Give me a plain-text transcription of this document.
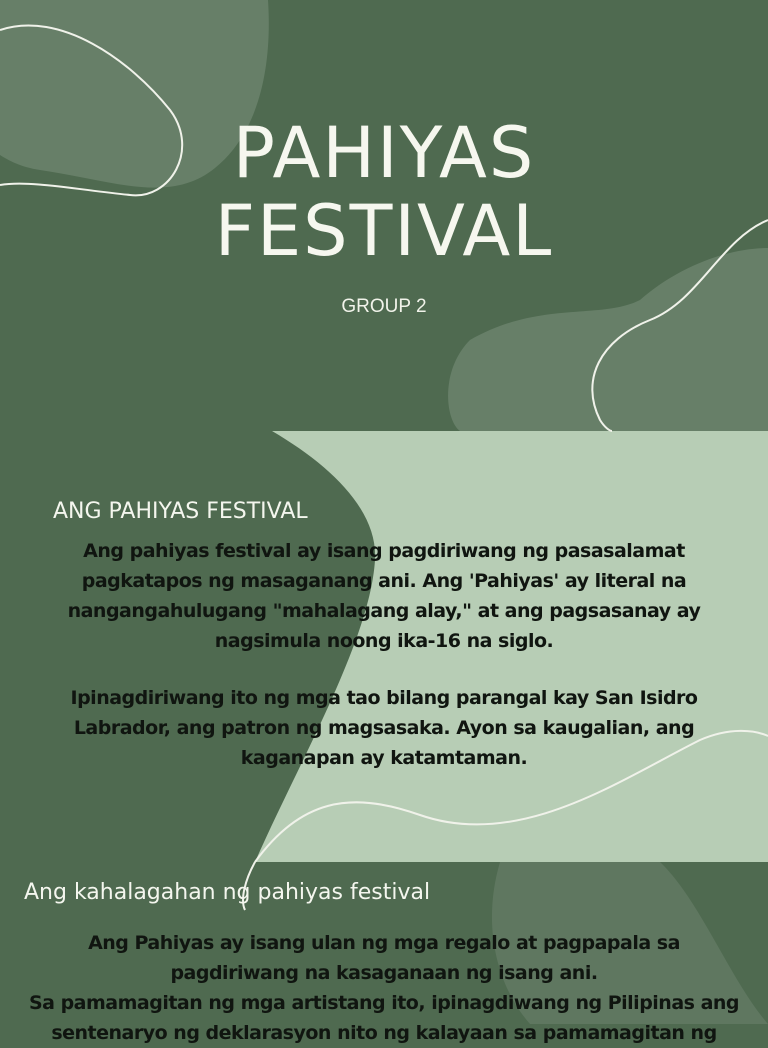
PAHIYAS
FESTIVAL
GROUP 2
ANG PAHIYAS FESTIVAL
Ang pahiyas festival ay isang pagdiriwang ng pasasalamat
pagkatapos ng masaganang ani. Ang 'Pahiyas' ay literal na
nangangahulugang "mahalagang alay," at ang pagsasanay ay
nagsimula noong ika-16 na siglo.
Ipinagdiriwang ito ng mga tao bilang parangal kay San Isidro
Labrador, ang patron ng magsasaka. Ayon sa kaugalian, ang
kaganapan ay katamtaman.
Ang kahalagahan ng pahiyas festival
Ang Pahiyas ay isang ulan ng mga regalo at pagpapala sa
pagdiriwang na kasaganaan ng isang ani.
Sa pamamagitan ng mga artistang ito, ipinagdiwang ng Pilipinas ang
sentenaryo ng deklarasyon nito ng kalayaan sa pamamagitan ng
